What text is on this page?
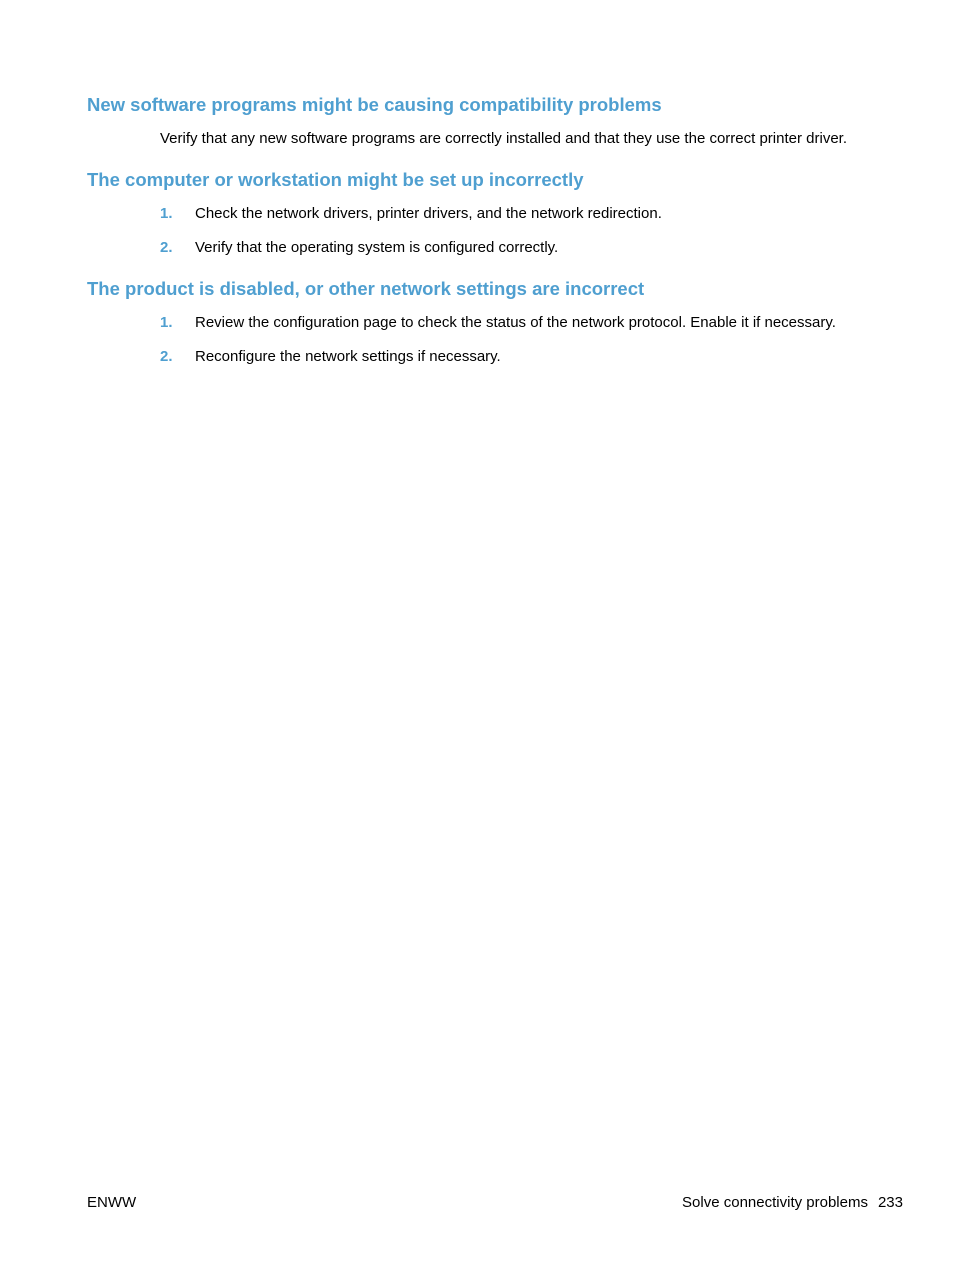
New software programs might be causing compatibility problems

Verify that any new software programs are correctly installed and that they use the correct printer driver.

The computer or workstation might be set up incorrectly
1.	Check the network drivers, printer drivers, and the network redirection.
2.	Verify that the operating system is configured correctly.
The product is disabled, or other network settings are incorrect
1.	Review the configuration page to check the status of the network protocol. Enable it if necessary.
2.	Reconfigure the network settings if necessary.
ENWW	Solve connectivity problems 233
